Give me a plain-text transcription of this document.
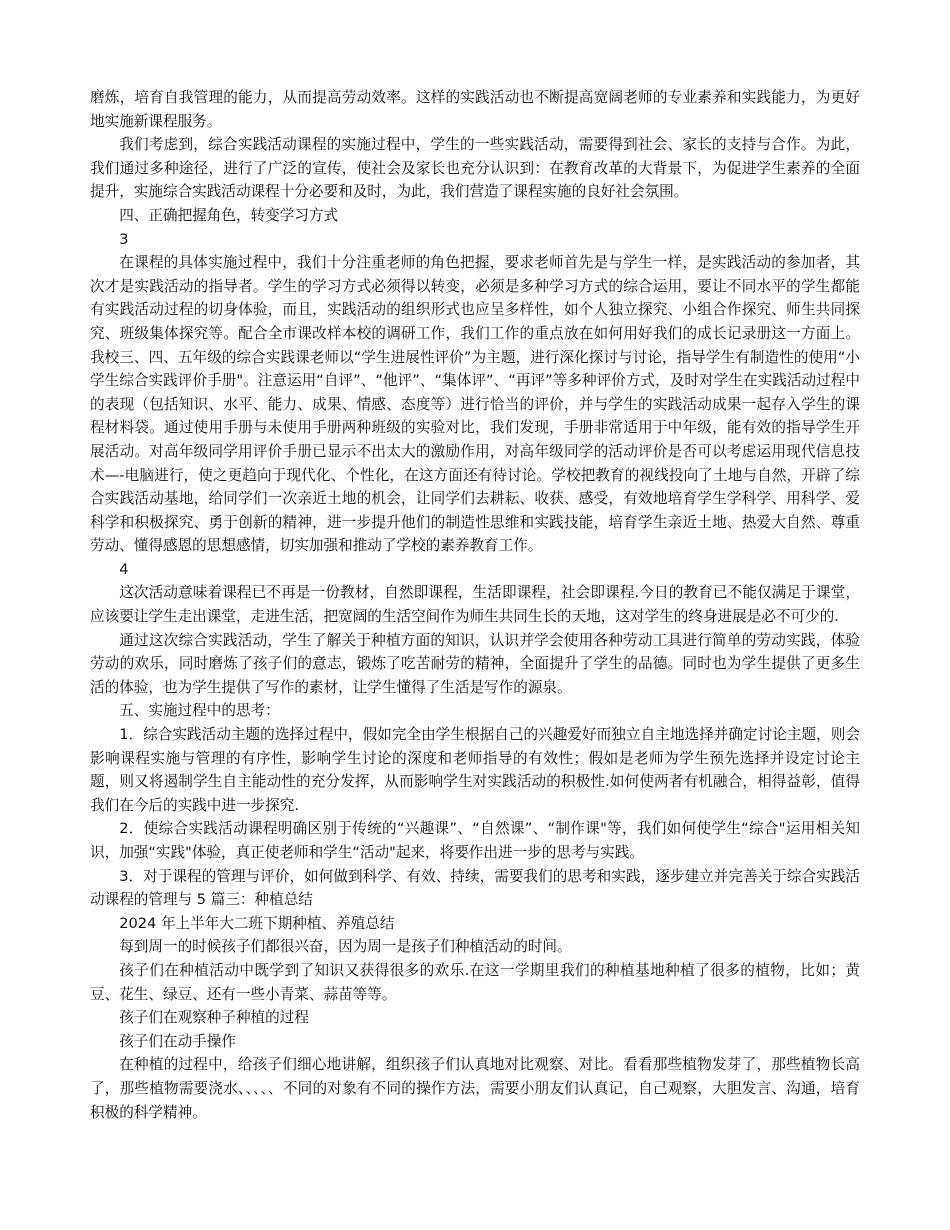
磨炼，培育自我管理的能力，从而提高劳动效率。这样的实践活动也不断提高宽阔老师的专业素养和实践能力，为更好地实施新课程服务。

我们考虑到，综合实践活动课程的实施过程中，学生的一些实践活动，需要得到社会、家长的支持与合作。为此，我们通过多种途径，进行了广泛的宣传，使社会及家长也充分认识到：在教育改革的大背景下，为促进学生素养的全面提升，实施综合实践活动课程十分必要和及时，为此，我们营造了课程实施的良好社会氛围。

四、正确把握角色，转变学习方式

3

在课程的具体实施过程中，我们十分注重老师的角色把握，要求老师首先是与学生一样，是实践活动的参加者，其次才是实践活动的指导者。学生的学习方式必须得以转变，必须是多种学习方式的综合运用，要让不同水平的学生都能有实践活动过程的切身体验，而且，实践活动的组织形式也应呈多样性，如个人独立探究、小组合作探究、师生共同探究、班级集体探究等。配合全市课改样本校的调研工作，我们工作的重点放在如何用好我们的成长记录册这一方面上。我校三、四、五年级的综合实践课老师以“学生进展性评价”为主题，进行深化探讨与讨论，指导学生有制造性的使用“小学生综合实践评价手册"。注意运用“自评”、“他评”、“集体评”、“再评”等多种评价方式，及时对学生在实践活动过程中的表现（包括知识、水平、能力、成果、情感、态度等）进行恰当的评价，并与学生的实践活动成果一起存入学生的课程材料袋。通过使用手册与未使用手册两种班级的实验对比，我们发现，手册非常适用于中年级，能有效的指导学生开展活动。对高年级同学用评价手册已显示不出太大的激励作用，对高年级同学的活动评价是否可以考虑运用现代信息技术—-电脑进行，使之更趋向于现代化、个性化，在这方面还有待讨论。学校把教育的视线投向了土地与自然，开辟了综合实践活动基地，给同学们一次亲近土地的机会，让同学们去耕耘、收获、感受，有效地培育学生学科学、用科学、爱科学和积极探究、勇于创新的精神，进一步提升他们的制造性思维和实践技能，培育学生亲近土地、热爱大自然、尊重劳动、懂得感恩的思想感情，切实加强和推动了学校的素养教育工作。

4

这次活动意味着课程已不再是一份教材，自然即课程，生活即课程，社会即课程.今日的教育已不能仅满足于课堂，应该要让学生走出课堂，走进生活，把宽阔的生活空间作为师生共同生长的天地，这对学生的终身进展是必不可少的.

通过这次综合实践活动，学生了解关于种植方面的知识，认识并学会使用各种劳动工具进行简单的劳动实践，体验劳动的欢乐，同时磨炼了孩子们的意志，锻炼了吃苦耐劳的精神，全面提升了学生的品德。同时也为学生提供了更多生活的体验，也为学生提供了写作的素材，让学生懂得了生活是写作的源泉。

五、实施过程中的思考：

1．综合实践活动主题的选择过程中，假如完全由学生根据自己的兴趣爱好而独立自主地选择并确定讨论主题，则会影响课程实施与管理的有序性，影响学生讨论的深度和老师指导的有效性；假如是老师为学生预先选择并设定讨论主题，则又将遏制学生自主能动性的充分发挥，从而影响学生对实践活动的积极性.如何使两者有机融合，相得益彰，值得我们在今后的实践中进一步探究.

2．使综合实践活动课程明确区别于传统的“兴趣课”、“自然课”、“制作课"等，我们如何使学生“综合"运用相关知识，加强“实践"体验，真正使老师和学生“活动"起来，将要作出进一步的思考与实践。

3．对于课程的管理与评价，如何做到科学、有效、持续，需要我们的思考和实践，逐步建立并完善关于综合实践活动课程的管理与 5 篇三：种植总结

2024 年上半年大二班下期种植、养殖总结

每到周一的时候孩子们都很兴奋，因为周一是孩子们种植活动的时间。

孩子们在种植活动中既学到了知识又获得很多的欢乐.在这一学期里我们的种植基地种植了很多的植物，比如；黄豆、花生、绿豆、还有一些小青菜、蒜苗等等。

孩子们在观察种子种植的过程

孩子们在动手操作

在种植的过程中，给孩子们细心地讲解，组织孩子们认真地对比观察、对比。看看那些植物发芽了，那些植物长高了，那些植物需要浇水、、、、、不同的对象有不同的操作方法，需要小朋友们认真记，自己观察，大胆发言、沟通，培育积极的科学精神。
